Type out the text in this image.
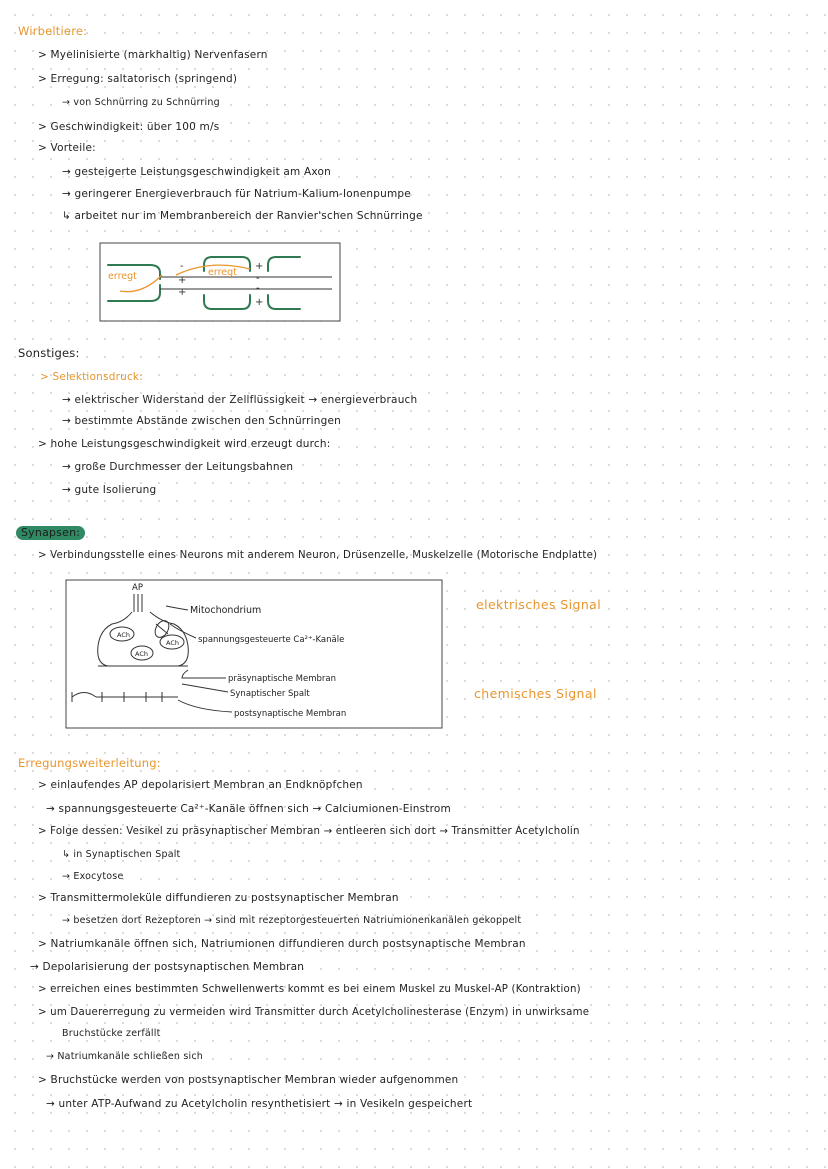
Wirbeltiere:
> Myelinisierte (markhaltig) Nervenfasern
> Erregung: saltatorisch (springend)
→ von Schnürring zu Schnürring
> Geschwindigkeit: über 100 m/s
> Vorteile:
→ gesteigerte Leistungsgeschwindigkeit am Axon
→ geringerer Energieverbrauch für Natrium-Kalium-Ionenpumpe
↳ arbeitet nur im Membranbereich der Ranvier'schen Schnürringe
erregt	erregt
-
+
+
+
-
-
+
Sonstiges:
> Selektionsdruck:
→ elektrischer Widerstand der Zellflüssigkeit → energieverbrauch
→ bestimmte Abstände zwischen den Schnürringen
> hohe Leistungsgeschwindigkeit wird erzeugt durch:
→ große Durchmesser der Leitungsbahnen
→ gute Isolierung
Synapsen:
> Verbindungsstelle eines Neurons mit anderem Neuron, Drüsenzelle, Muskelzelle (Motorische Endplatte)
AP
ACh
ACh
ACh
Mitochondrium
spannungsgesteuerte Ca²⁺-Kanäle
präsynaptische Membran
Synaptischer Spalt
postsynaptische Membran
elektrisches Signal
chemisches Signal
Erregungsweiterleitung:
> einlaufendes AP depolarisiert Membran an Endknöpfchen
→ spannungsgesteuerte Ca²⁺-Kanäle öffnen sich → Calciumionen-Einstrom
> Folge dessen: Vesikel zu präsynaptischer Membran → entleeren sich dort → Transmitter Acetylcholin
↳ in Synaptischen Spalt
→ Exocytose
> Transmittermoleküle diffundieren zu postsynaptischer Membran
→ besetzen dort Rezeptoren → sind mit rezeptorgesteuerten Natriumionenkanälen gekoppelt
> Natriumkanäle öffnen sich, Natriumionen diffundieren durch postsynaptische Membran
→ Depolarisierung der postsynaptischen Membran
> erreichen eines bestimmten Schwellenwerts kommt es bei einem Muskel zu Muskel-AP (Kontraktion)
> um Dauererregung zu vermeiden wird Transmitter durch Acetylcholinesterase (Enzym) in unwirksame
Bruchstücke zerfällt
→ Natriumkanäle schließen sich
> Bruchstücke werden von postsynaptischer Membran wieder aufgenommen
→ unter ATP-Aufwand zu Acetylcholin resynthetisiert → in Vesikeln gespeichert
